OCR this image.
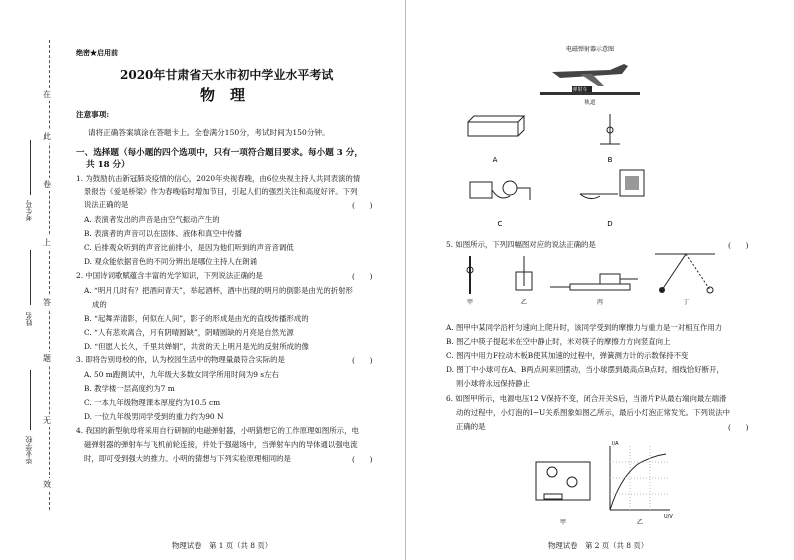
在
此
卷
上
答
题
无
效
考生号
姓名
毕业学校
绝密★启用前
2020年甘肃省天水市初中学业水平考试
物　理
注意事项:
请将正确答案填涂在答题卡上。全卷满分150分，考试时间为150分钟。
一、选择题（每小题的四个选项中，只有一项符合题目要求。每小题 3 分，
共 18 分）
1. 为鼓励抗击新冠肺炎疫情的信心，2020年央视春晚，由6位央视主持人共同表演的情
景报告《爱是桥梁》作为春晚临时增加节目，引起人们的强烈关注和高度好评。下列
说法正确的是	(　　)
A. 表演者发出的声音是由空气振动产生的
B. 表演者的声音可以在固体、液体和真空中传播
C. 后排观众听到的声音比前排小，是因为他们听到的声音音调低
D. 观众能依据音色的不同分辨出是哪位主持人在朗诵
2. 中国诗词歌赋蕴含丰富的光学知识，下列说法正确的是	(　　)
A. “明月几时有？把酒问青天”，举起酒杯，酒中出现的明月的倒影是由光的折射形
成的
B. “起舞弄清影，何似在人间”，影子的形成是由光的直线传播形成的
C. “人有悲欢离合，月有阴晴圆缺”，阴晴圆缺的月亮是自然光源
D. “但愿人长久，千里共婵娟”，共赏的天上明月是光的反射所成的像
3. 即将告别母校的你，认为校园生活中的物理量最符合实际的是	(　　)
A. 50 m跑测试中，九年级大多数女同学所用时间为9 s左右
B. 教学楼一层高度约为7 m
C. 一本九年级物理课本厚度约为10.5 cm
D. 一位九年级男同学受到的重力约为90 N
4. 我国的新型航母将采用自行研制的电磁弹射器，小明猜想它的工作原理如图所示，电
磁弹射器的弹射车与飞机前轮连接，并处于强磁场中，当弹射车内的导体通以强电流
时，即可受到强大的推力。小明的猜想与下列实验原理相同的是	(　　)
物理试卷　第 1 页（共 8 页）
电磁弹射器示意图
弹射车
轨道
A	B
C	D
5. 如图所示，下列四幅图对应的说法正确的是	(　　)
甲	乙	丙	丁
A. 图甲中某同学沿杆匀速向上爬升时，该同学受到的摩擦力与重力是一对相互作用力
B. 图乙中筷子提起米在空中静止时，米对筷子的摩擦力方向竖直向上
C. 图丙中用力F拉动木板B使其加速的过程中，弹簧测力计的示数保持不变
D. 图丁中小球可在A、B两点间来回摆动，当小球摆到最高点B点时，细线恰好断开，
则小球将永远保持静止
6. 如图甲所示，电源电压12 V保持不变，闭合开关S后，当滑片P从最右端向最左端滑
动的过程中，小灯泡的I−U关系图象如图乙所示，最后小灯泡正常发光。下列说法中
正确的是	(　　)
甲
I/A
U/V
乙
物理试卷　第 2 页（共 8 页）
